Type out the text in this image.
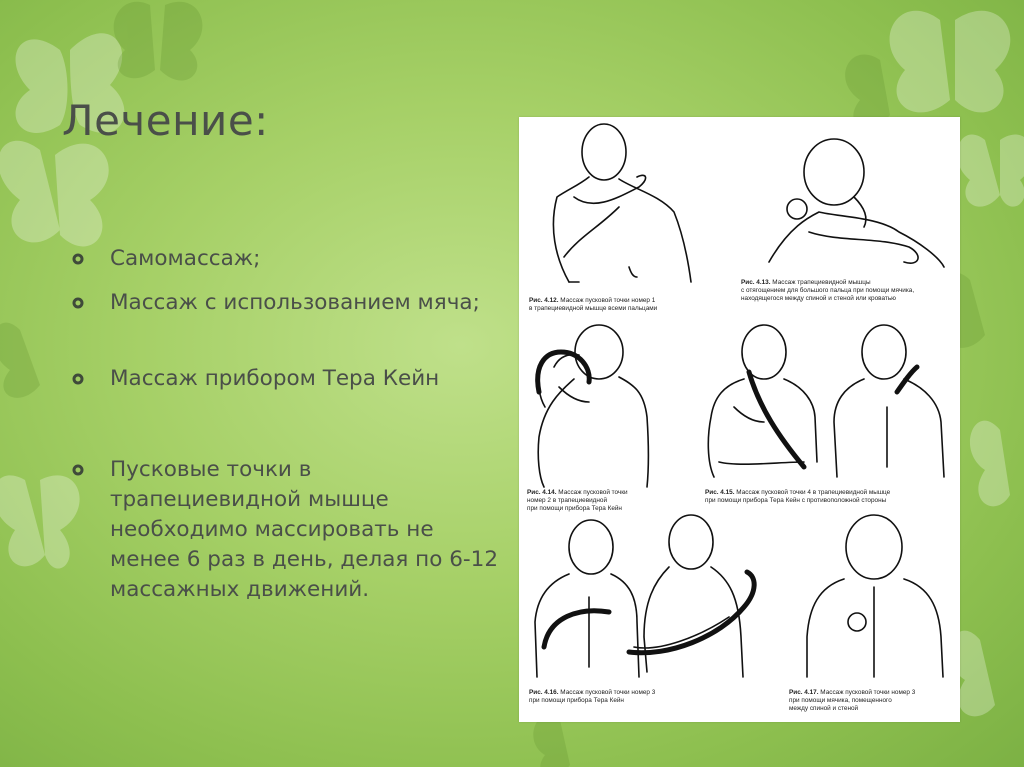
Лечение:
Самомассаж;
Массаж с использованием мяча;
Массаж прибором Тера Кейн
Пусковые точки в трапециевидной мышце необходимо массировать не менее 6 раз в день, делая по 6-12 массажных движений.
Рис. 4.12. Массаж пусковой точки номер 1
в трапециевидной мышце всеми пальцами
Рис. 4.13. Массаж трапециевидной мышцы
с отягощением для большого пальца при помощи мячика,
находящегося между спиной и стеной или кроватью
Рис. 4.14. Массаж пусковой точки
номер 2 в трапециевидной
при помощи прибора Тера Кейн
Рис. 4.15. Массаж пусковой точки 4 в трапециевидной мышце
при помощи прибора Тера Кейн с противоположной стороны
Рис. 4.16. Массаж пусковой точки номер 3
при помощи прибора Тера Кейн
Рис. 4.17. Массаж пусковой точки номер 3
при помощи мячика, помещенного
между спиной и стеной
